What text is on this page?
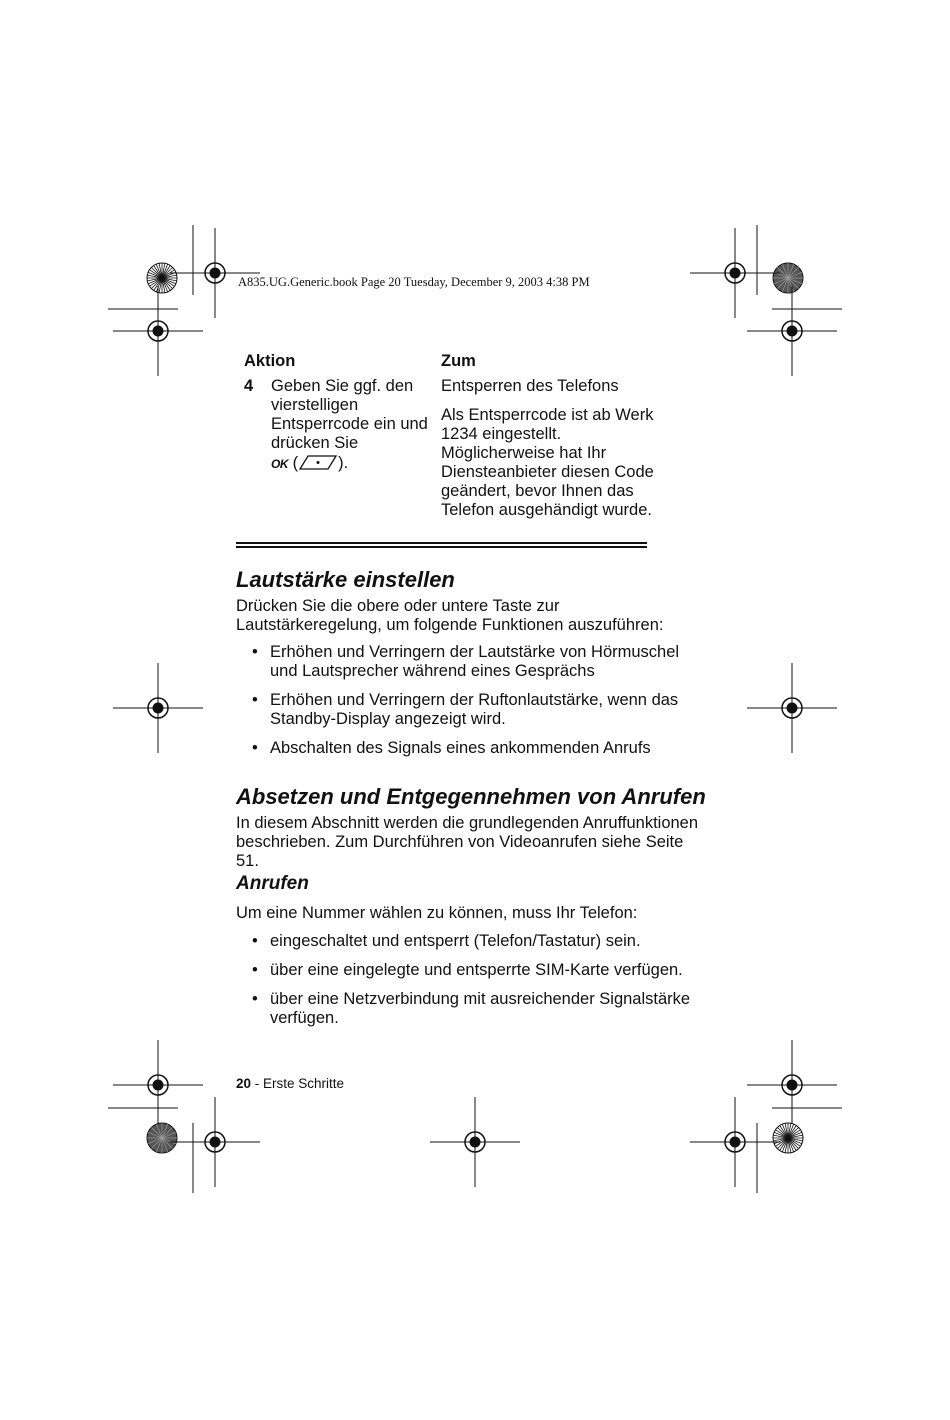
A835.UG.Generic.book Page 20 Tuesday, December 9, 2003 4:38 PM
Aktion	Zum
4 Geben Sie ggf. den vierstelligen Entsperrcode ein und drücken Sie
OK ( ).

Entsperren des Telefons

Als Entsperrcode ist ab Werk 1234 eingestellt. Möglicherweise hat Ihr Diensteanbieter diesen Code geändert, bevor Ihnen das Telefon ausgehändigt wurde.

Lautstärke einstellen

Drücken Sie die obere oder untere Taste zur Lautstärkeregelung, um folgende Funktionen auszuführen:

• Erhöhen und Verringern der Lautstärke von Hörmuschel und Lautsprecher während eines Gesprächs
• Erhöhen und Verringern der Ruftonlautstärke, wenn das Standby-Display angezeigt wird.
• Abschalten des Signals eines ankommenden Anrufs
Absetzen und Entgegennehmen von Anrufen

In diesem Abschnitt werden die grundlegenden Anruffunktionen beschrieben. Zum Durchführen von Videoanrufen siehe Seite 51.

Anrufen

Um eine Nummer wählen zu können, muss Ihr Telefon:

• eingeschaltet und entsperrt (Telefon/Tastatur) sein.
• über eine eingelegte und entsperrte SIM-Karte verfügen.
• über eine Netzverbindung mit ausreichender Signalstärke verfügen.
20 - Erste Schritte
